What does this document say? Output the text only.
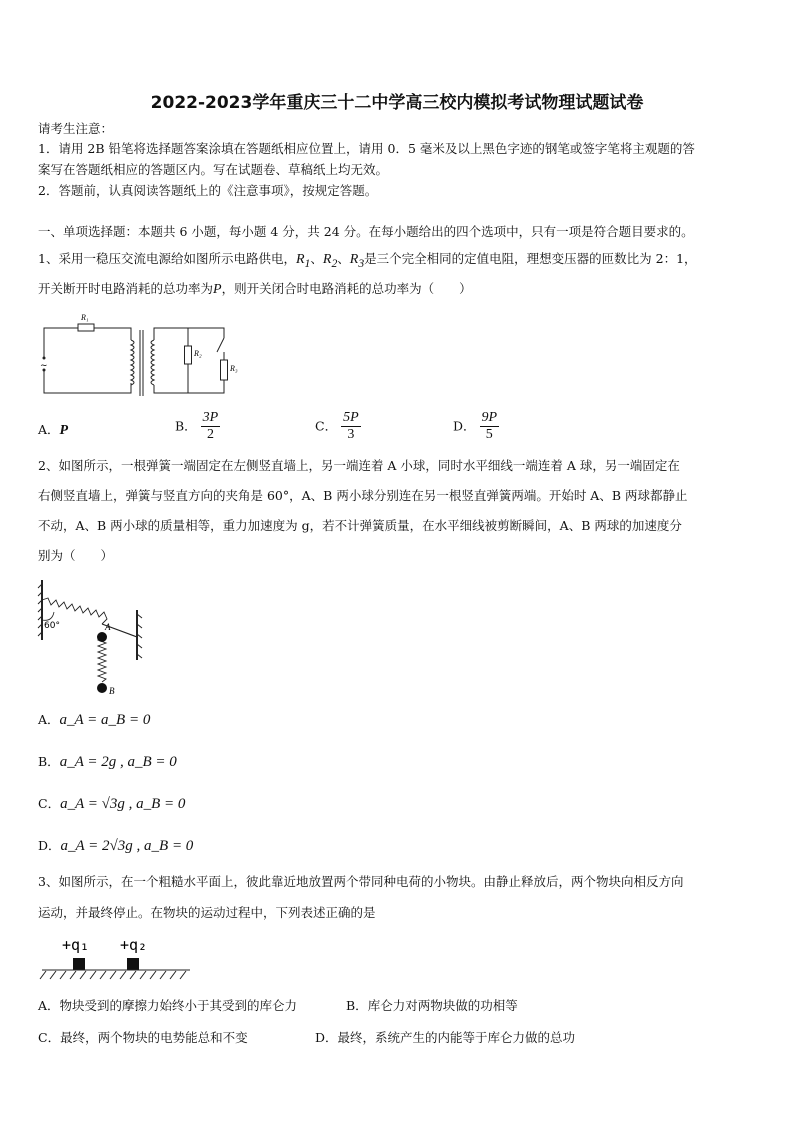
2022-2023学年重庆三十二中学高三校内模拟考试物理试题试卷
请考生注意：
1．请用 2B 铅笔将选择题答案涂填在答题纸相应位置上，请用 0．5 毫米及以上黑色字迹的钢笔或签字笔将主观题的答
案写在答题纸相应的答题区内。写在试题卷、草稿纸上均无效。
2．答题前，认真阅读答题纸上的《注意事项》，按规定答题。
一、单项选择题：本题共 6 小题，每小题 4 分，共 24 分。在每小题给出的四个选项中，只有一项是符合题目要求的。
1、采用一稳压交流电源给如图所示电路供电，$R_1$、$R_2$、$R_3$是三个完全相同的定值电阻，理想变压器的匝数比为 2：1，
开关断开时电路消耗的总功率为P，则开关闭合时电路消耗的总功率为（　　）
~
R₁
R₂
R₃
A．P	B． $\frac{3P}{2}$	C． $\frac{5P}{3}$	D． $\frac{9P}{5}$
2、如图所示，一根弹簧一端固定在左侧竖直墙上，另一端连着 A 小球，同时水平细线一端连着 A 球，另一端固定在
右侧竖直墙上，弹簧与竖直方向的夹角是 60°，A、B 两小球分别连在另一根竖直弹簧两端。开始时 A、B 两球都静止
不动，A、B 两小球的质量相等，重力加速度为 g，若不计弹簧质量，在水平细线被剪断瞬间，A、B 两球的加速度分
别为（　　）
60°	A
B
A．a_A = a_B = 0
B．a_A = 2g , a_B = 0
C．a_A = √3g , a_B = 0
D．a_A = 2√3g , a_B = 0
3、如图所示，在一个粗糙水平面上，彼此靠近地放置两个带同种电荷的小物块。由静止释放后，两个物块向相反方向
运动，并最终停止。在物块的运动过程中，下列表述正确的是
+q₁ +q₂
A．物块受到的摩擦力始终小于其受到的库仑力	B．库仑力对两物块做的功相等
C．最终，两个物块的电势能总和不变	D．最终，系统产生的内能等于库仑力做的总功
